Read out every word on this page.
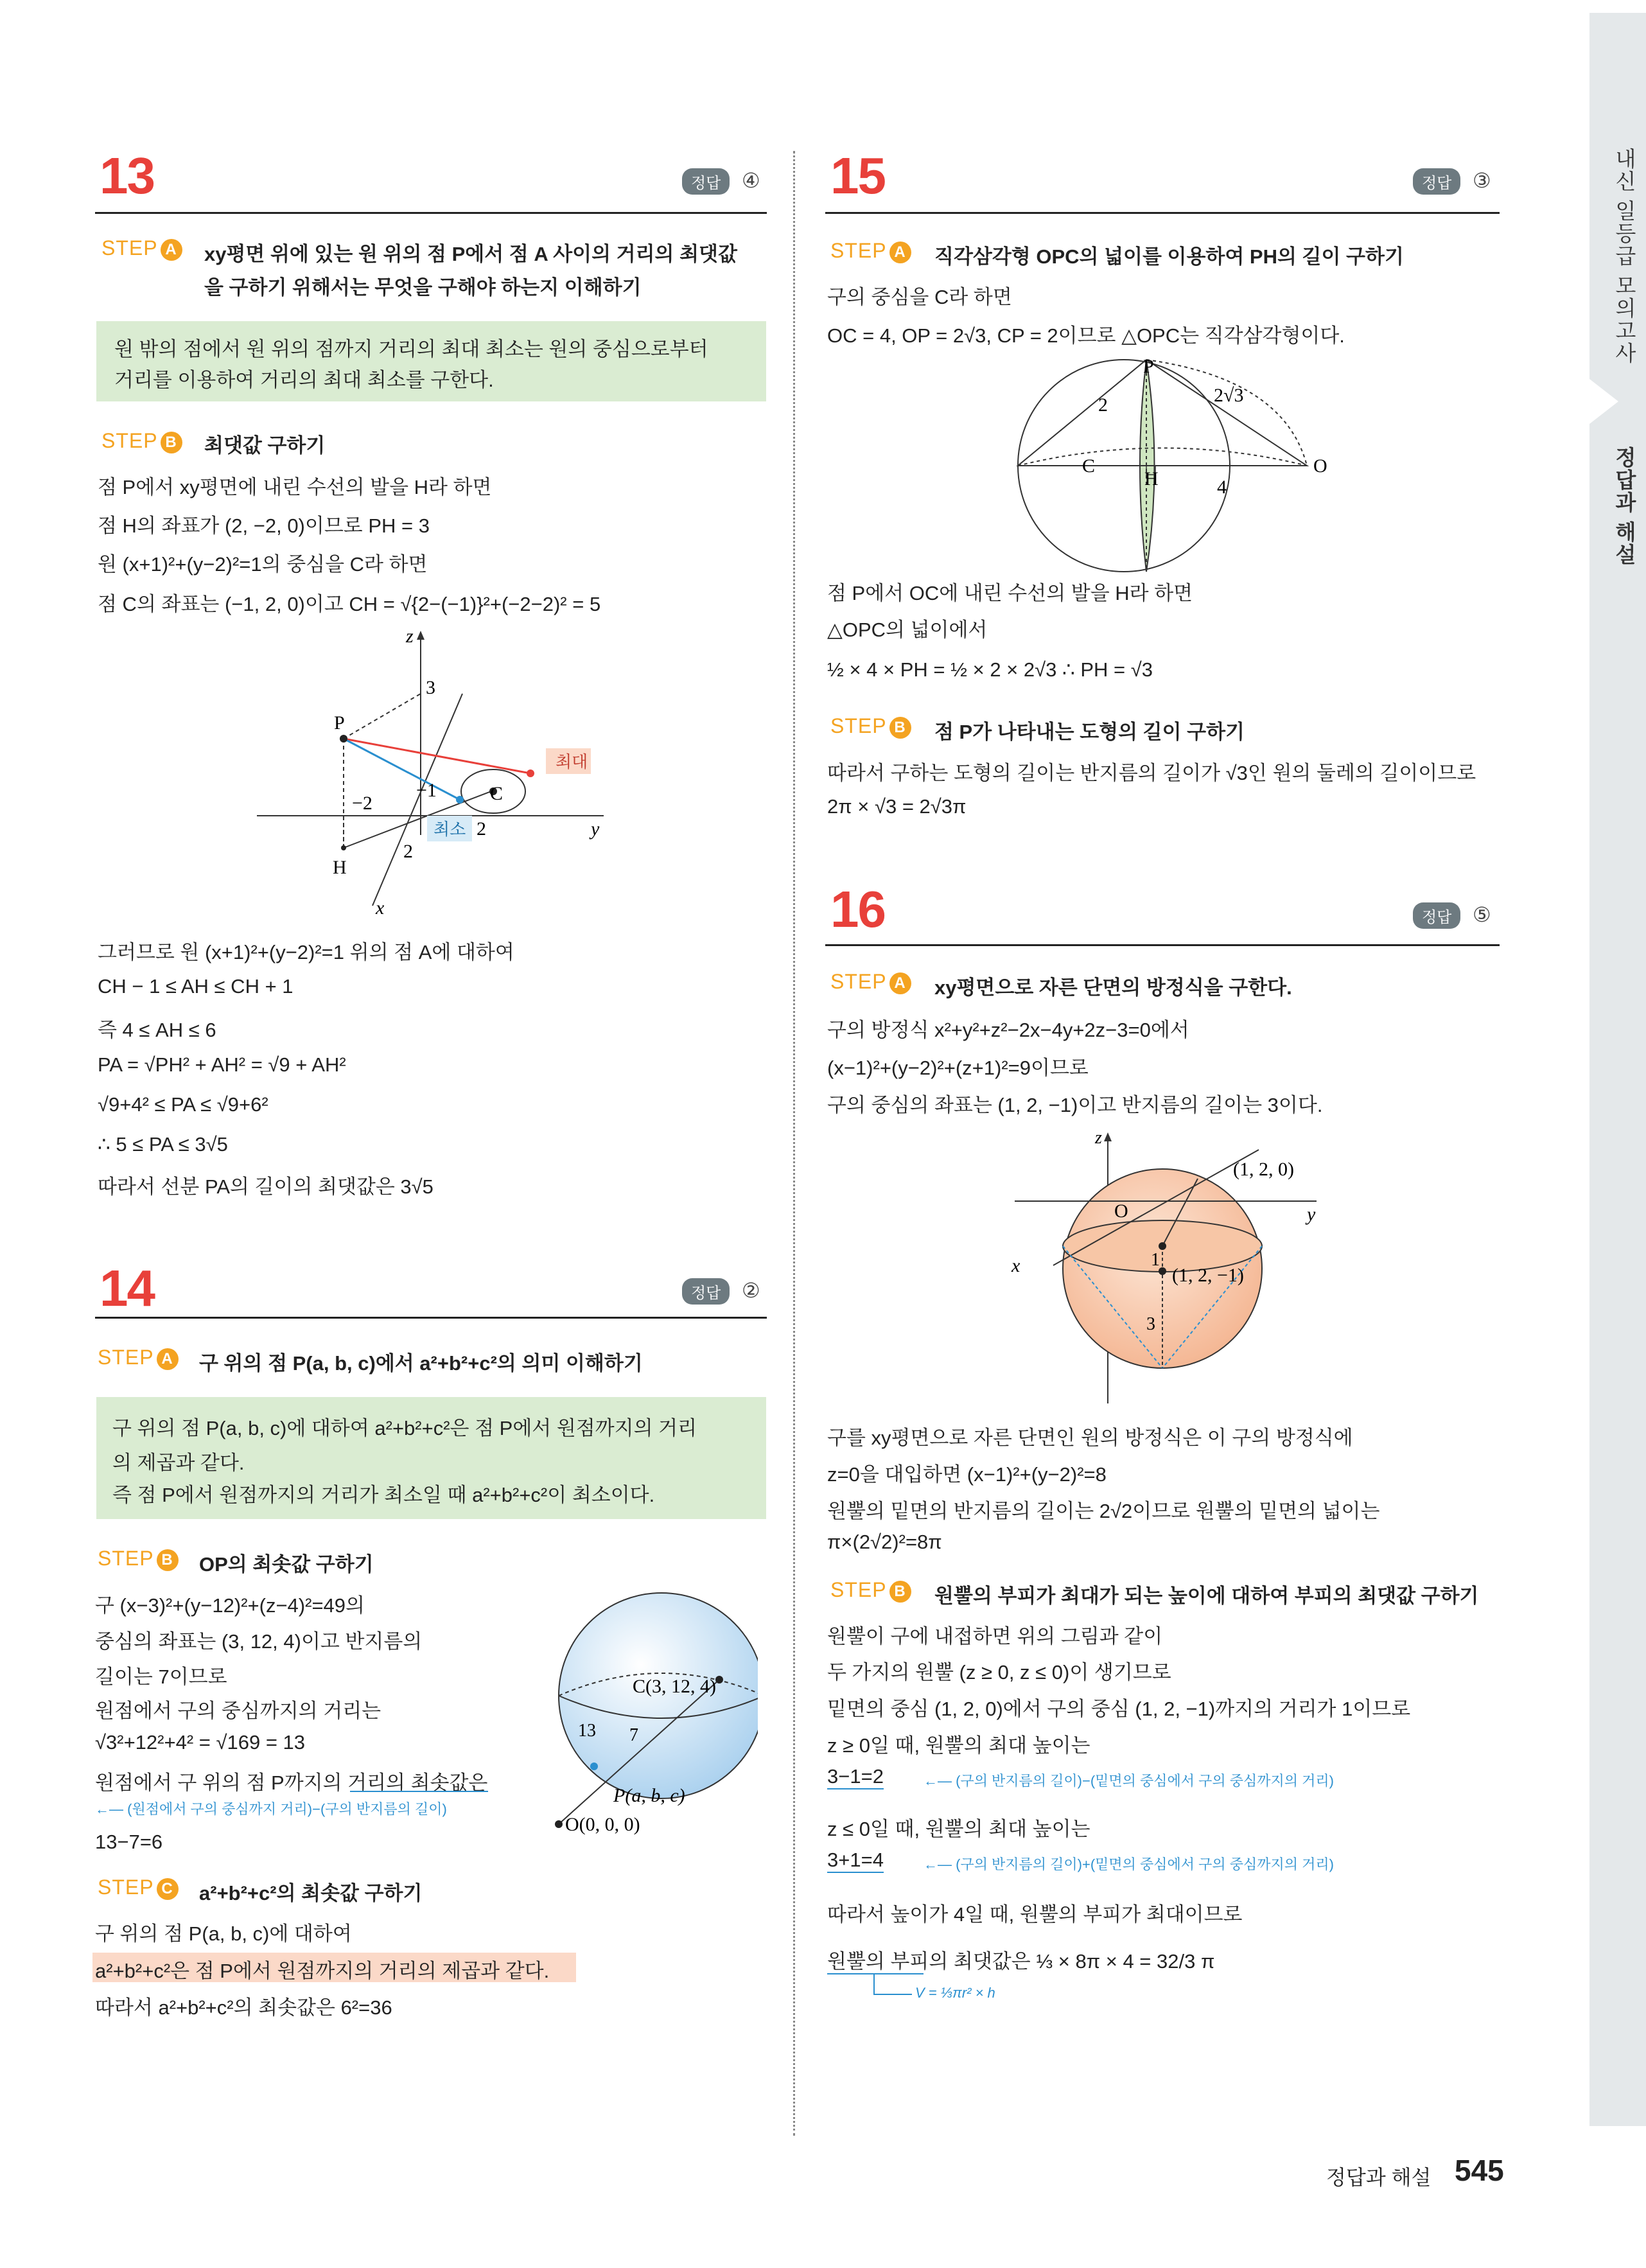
내신 일등급 모의고사
정답과 해설
13	정답	④
STEP A xy평면 위에 있는 원 위의 점 P에서 점 A 사이의 거리의 최댓값
을 구하기 위해서는 무엇을 구해야 하는지 이해하기
원 밖의 점에서 원 위의 점까지 거리의 최대 최소는 원의 중심으로부터
거리를 이용하여 거리의 최대 최소를 구한다.
STEP B 최댓값 구하기
점 P에서 xy평면에 내린 수선의 발을 H라 하면
점 H의 좌표가 (2, −2, 0)이므로 PH = 3
원 (x+1)²+(y−2)²=1의 중심을 C라 하면
점 C의 좌표는 (−1, 2, 0)이고 CH = √{2−(−1)}²+(−2−2)² = 5
z
3
P
최대
−2
−1	C
최소 2	y
H
2
x
그러므로 원 (x+1)²+(y−2)²=1 위의 점 A에 대하여
CH − 1 ≤ AH ≤ CH + 1
즉 4 ≤ AH ≤ 6
PA = √PH² + AH² = √9 + AH²
√9+4² ≤ PA ≤ √9+6²
∴ 5 ≤ PA ≤ 3√5
따라서 선분 PA의 길이의 최댓값은 3√5
14	정답	②
STEP A 구 위의 점 P(a, b, c)에서 a²+b²+c²의 의미 이해하기
구 위의 점 P(a, b, c)에 대하여 a²+b²+c²은 점 P에서 원점까지의 거리
의 제곱과 같다.
즉 점 P에서 원점까지의 거리가 최소일 때 a²+b²+c²이 최소이다.
STEP B OP의 최솟값 구하기
구 (x−3)²+(y−12)²+(z−4)²=49의
중심의 좌표는 (3, 12, 4)이고 반지름의
길이는 7이므로
원점에서 구의 중심까지의 거리는
√3²+12²+4² = √169 = 13
원점에서 구 위의 점 P까지의 거리의 최솟값은
←— (원점에서 구의 중심까지 거리)−(구의 반지름의 길이)
13−7=6
C(3, 12, 4)
13 7
P(a, b, c)
O(0, 0, 0)
STEP C a²+b²+c²의 최솟값 구하기
구 위의 점 P(a, b, c)에 대하여
a²+b²+c²은 점 P에서 원점까지의 거리의 제곱과 같다.
따라서 a²+b²+c²의 최솟값은 6²=36
15	정답	③
STEP A 직각삼각형 OPC의 넓이를 이용하여 PH의 길이 구하기
구의 중심을 C라 하면
OC = 4, OP = 2√3, CP = 2이므로 △OPC는 직각삼각형이다.
P
2	2√3
C
H
O
4
점 P에서 OC에 내린 수선의 발을 H라 하면
△OPC의 넓이에서
½ × 4 × PH = ½ × 2 × 2√3 ∴ PH = √3
STEP B 점 P가 나타내는 도형의 길이 구하기
따라서 구하는 도형의 길이는 반지름의 길이가 √3인 원의 둘레의 길이이므로
2π × √3 = 2√3π
16	정답	⑤
STEP A xy평면으로 자른 단면의 방정식을 구한다.
구의 방정식 x²+y²+z²−2x−4y+2z−3=0에서
(x−1)²+(y−2)²+(z+1)²=9이므로
구의 중심의 좌표는 (1, 2, −1)이고 반지름의 길이는 3이다.
z
(1, 2, 0)
O	y
x	1
(1, 2, −1)
3
구를 xy평면으로 자른 단면인 원의 방정식은 이 구의 방정식에
z=0을 대입하면 (x−1)²+(y−2)²=8
원뿔의 밑면의 반지름의 길이는 2√2이므로 원뿔의 밑면의 넓이는
π×(2√2)²=8π
STEP B 원뿔의 부피가 최대가 되는 높이에 대하여 부피의 최댓값 구하기
원뿔이 구에 내접하면 위의 그림과 같이
두 가지의 원뿔 (z ≥ 0, z ≤ 0)이 생기므로
밑면의 중심 (1, 2, 0)에서 구의 중심 (1, 2, −1)까지의 거리가 1이므로
z ≥ 0일 때, 원뿔의 최대 높이는
3−1=2	←— (구의 반지름의 길이)−(밑면의 중심에서 구의 중심까지의 거리)
z ≤ 0일 때, 원뿔의 최대 높이는
3+1=4	←— (구의 반지름의 길이)+(밑면의 중심에서 구의 중심까지의 거리)
따라서 높이가 4일 때, 원뿔의 부피가 최대이므로
원뿔의 부피의 최댓값은 ⅓ × 8π × 4 = 32/3 π
V = ⅓πr² × h
정답과 해설 545
